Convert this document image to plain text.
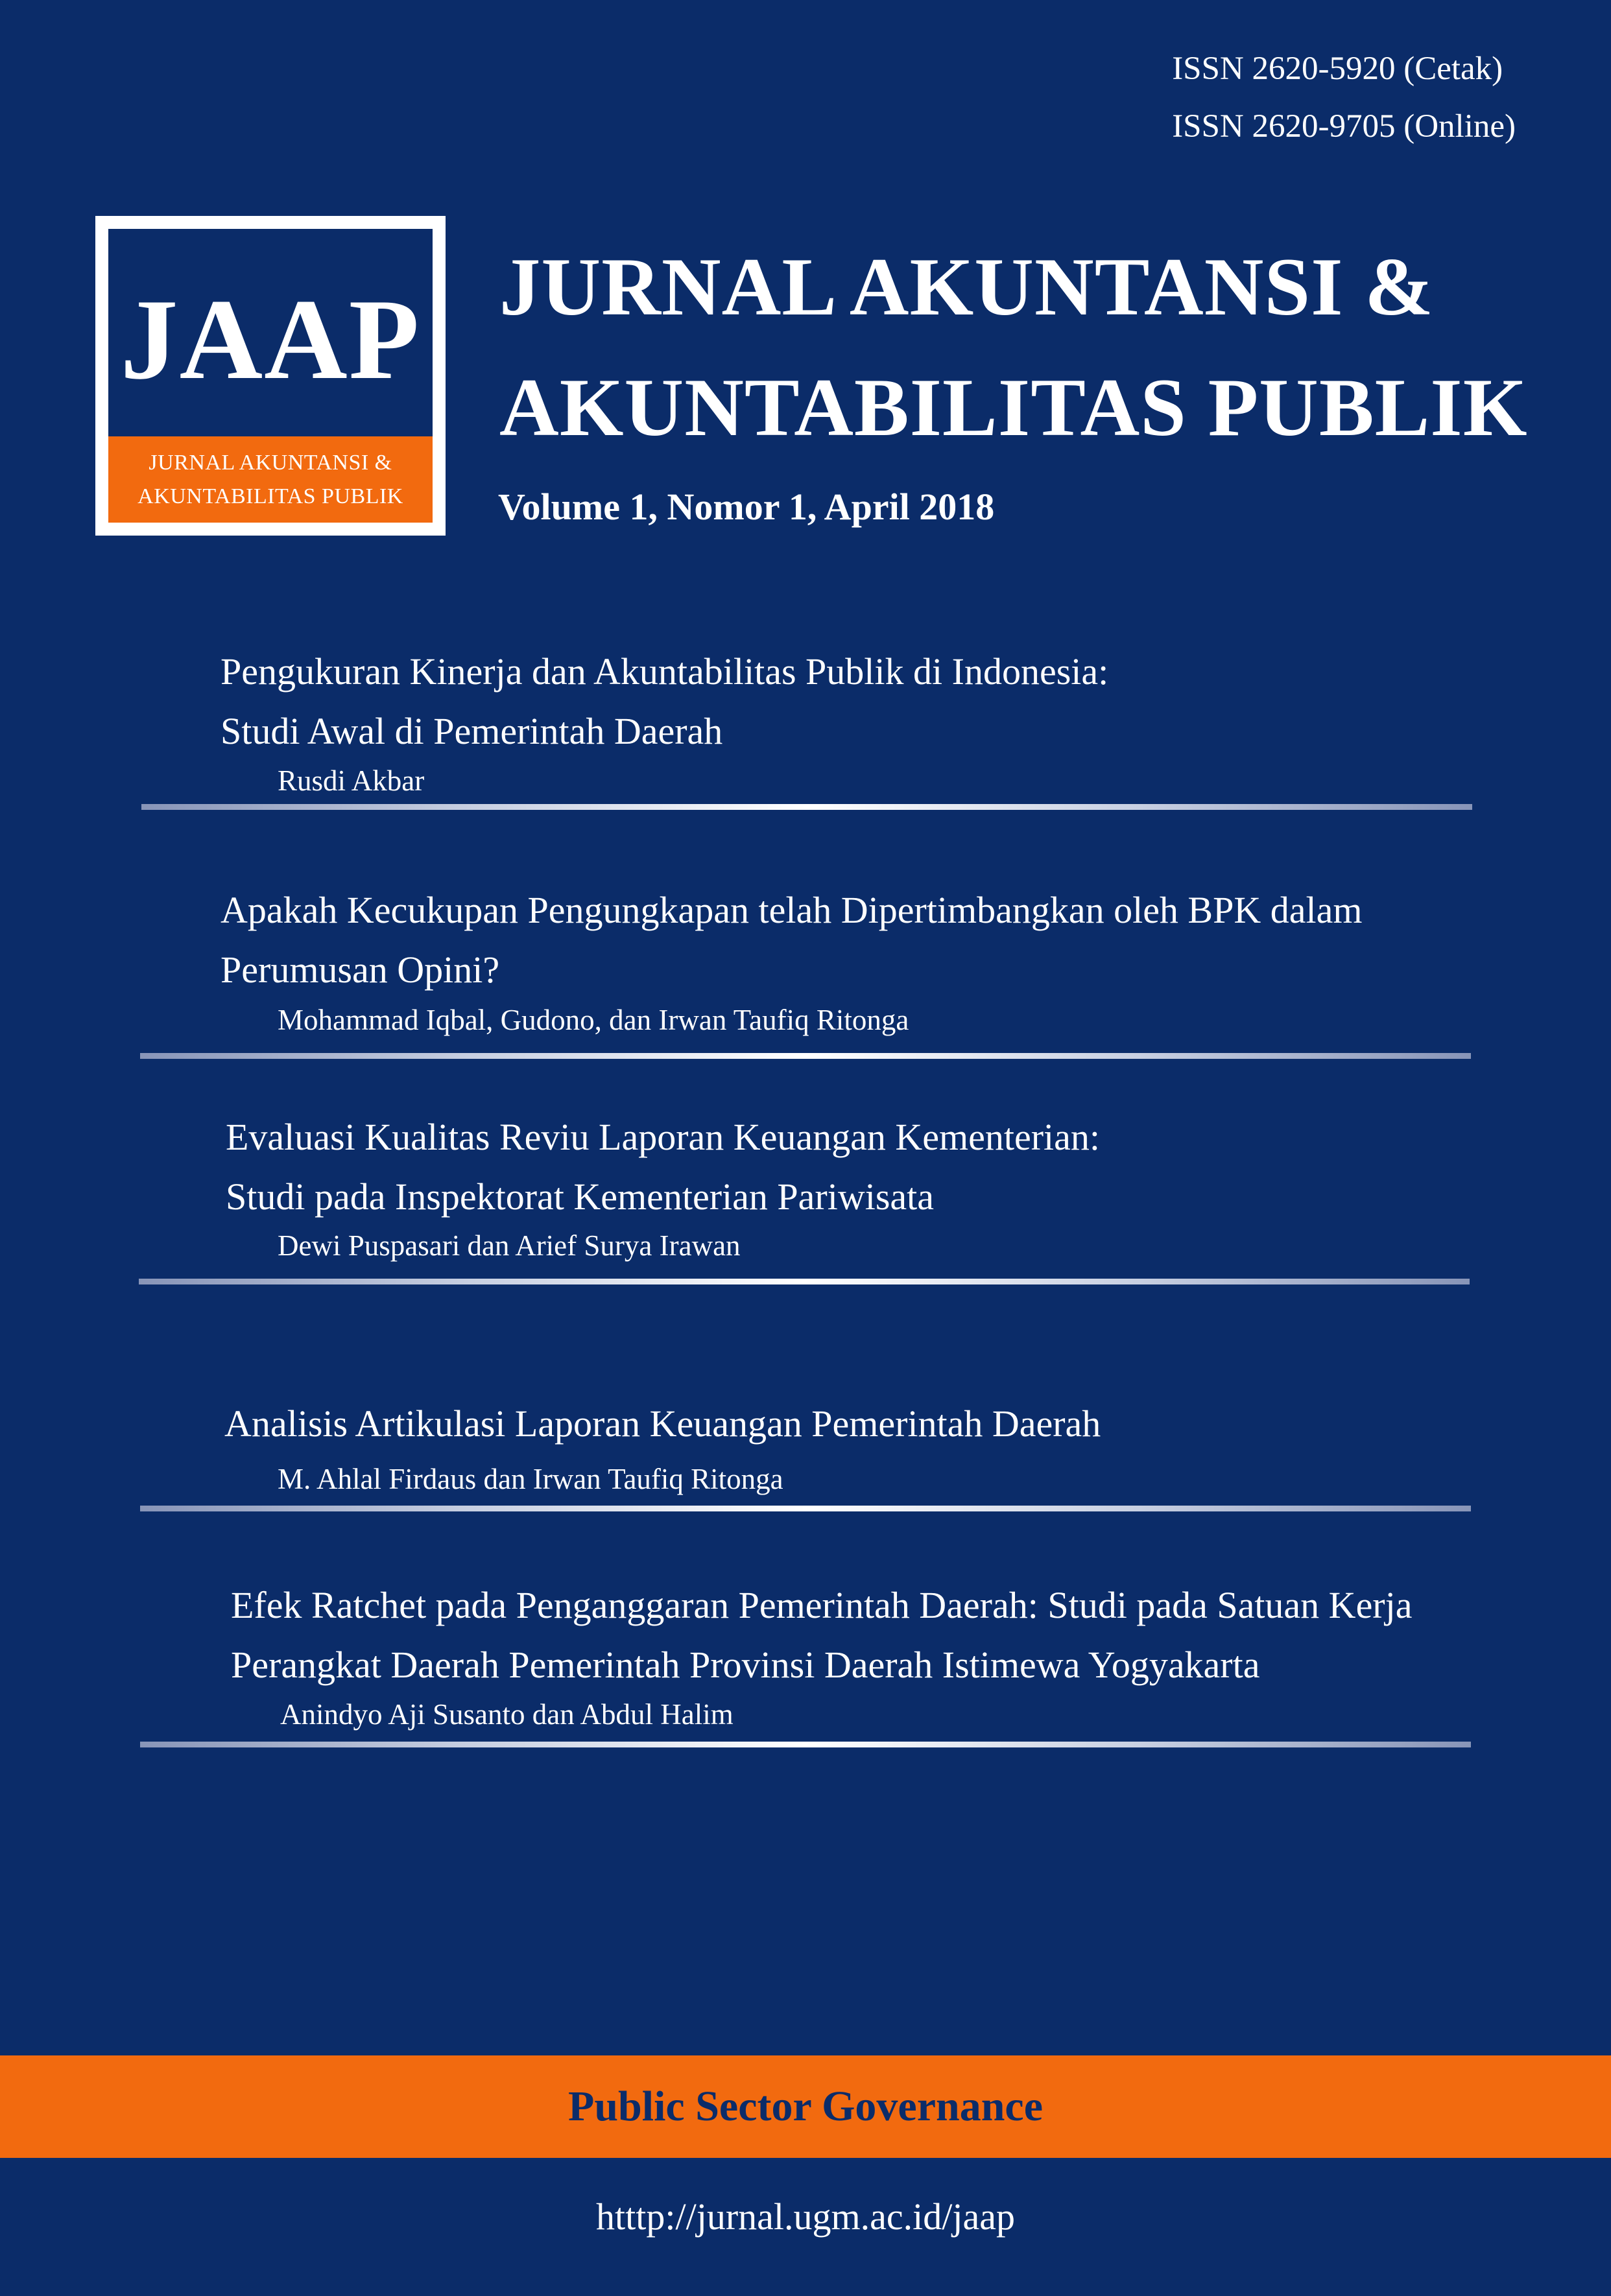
ISSN 2620-5920 (Cetak)
ISSN 2620-9705 (Online)
JAAP
JURNAL AKUNTANSI &
AKUNTABILITAS PUBLIK
JURNAL AKUNTANSI &
AKUNTABILITAS PUBLIK
Volume 1, Nomor 1, April 2018
Pengukuran Kinerja dan Akuntabilitas Publik di Indonesia:
Studi Awal di Pemerintah Daerah
Rusdi Akbar
Apakah Kecukupan Pengungkapan telah Dipertimbangkan oleh BPK dalam
Perumusan Opini?
Mohammad Iqbal, Gudono, dan Irwan Taufiq Ritonga
Evaluasi Kualitas Reviu Laporan Keuangan Kementerian:
Studi pada Inspektorat Kementerian Pariwisata
Dewi Puspasari dan Arief Surya Irawan
Analisis Artikulasi Laporan Keuangan Pemerintah Daerah
M. Ahlal Firdaus dan Irwan Taufiq Ritonga
Efek Ratchet pada Penganggaran Pemerintah Daerah: Studi pada Satuan Kerja
Perangkat Daerah Pemerintah Provinsi Daerah Istimewa Yogyakarta
Anindyo Aji Susanto dan Abdul Halim
Public Sector Governance
htttp://jurnal.ugm.ac.id/jaap
